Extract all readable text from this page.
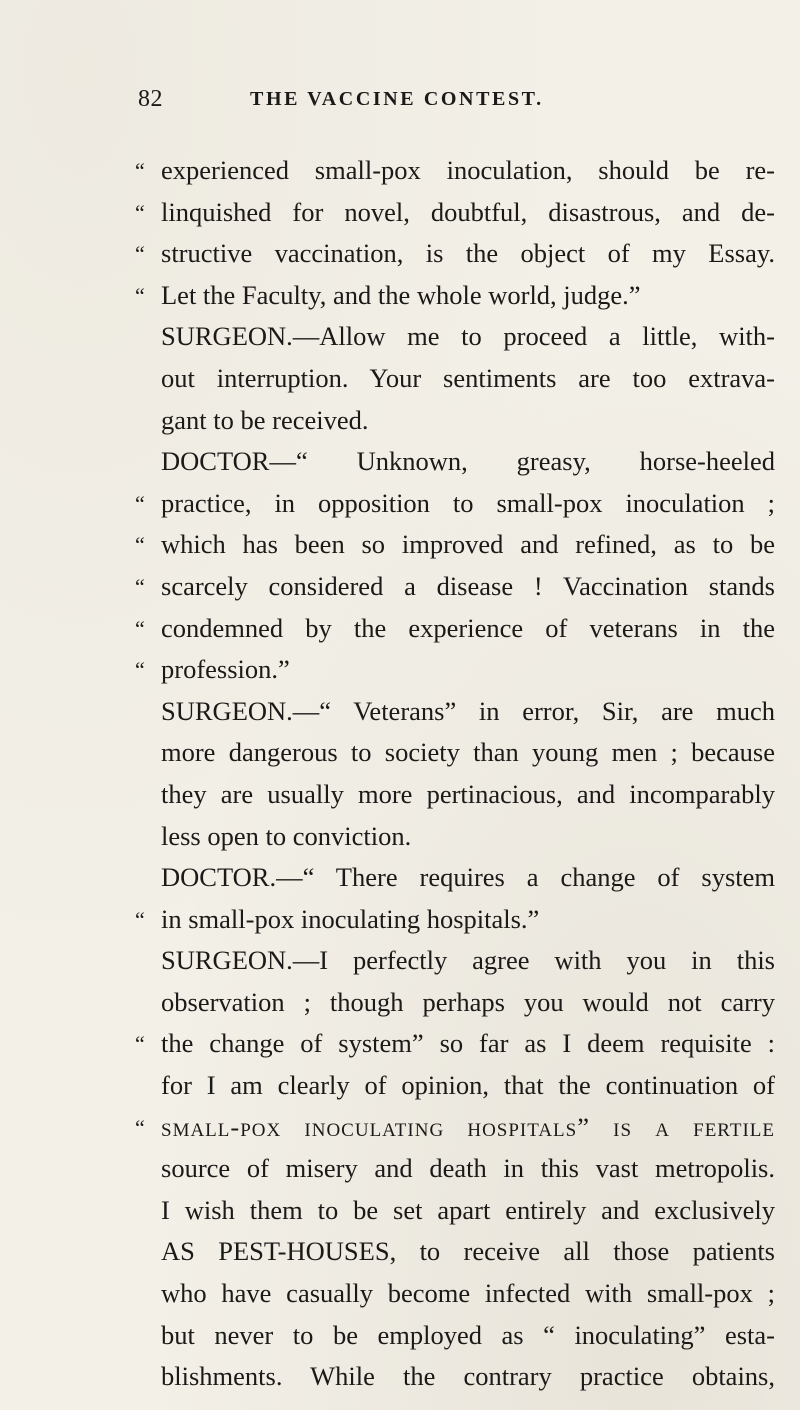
82	THE VACCINE CONTEST.
“ experienced small-pox inoculation, should be re-
“ linquished for novel, doubtful, disastrous, and de-
“ structive vaccination, is the object of my Essay.
“ Let the Faculty, and the whole world, judge.”
SURGEON.—Allow me to proceed a little, with-
out interruption. Your sentiments are too extrava-
gant to be received.
DOCTOR—“ Unknown, greasy, horse-heeled
“ practice, in opposition to small-pox inoculation ;
“ which has been so improved and refined, as to be
“ scarcely considered a disease ! Vaccination stands
“ condemned by the experience of veterans in the
“ profession.”
SURGEON.—“ Veterans” in error, Sir, are much
more dangerous to society than young men ; because
they are usually more pertinacious, and incomparably
less open to conviction.
DOCTOR.—“ There requires a change of system
“ in small-pox inoculating hospitals.”
SURGEON.—I perfectly agree with you in this
observation ; though perhaps you would not carry
“ the change of system” so far as I deem requisite :
for I am clearly of opinion, that the continuation of
“ small-pox inoculating hospitals” is a fertile
source of misery and death in this vast metropolis.
I wish them to be set apart entirely and exclusively
AS PEST-HOUSES, to receive all those patients
who have casually become infected with small-pox ;
but never to be employed as “ inoculating” esta-
blishments. While the contrary practice obtains,
